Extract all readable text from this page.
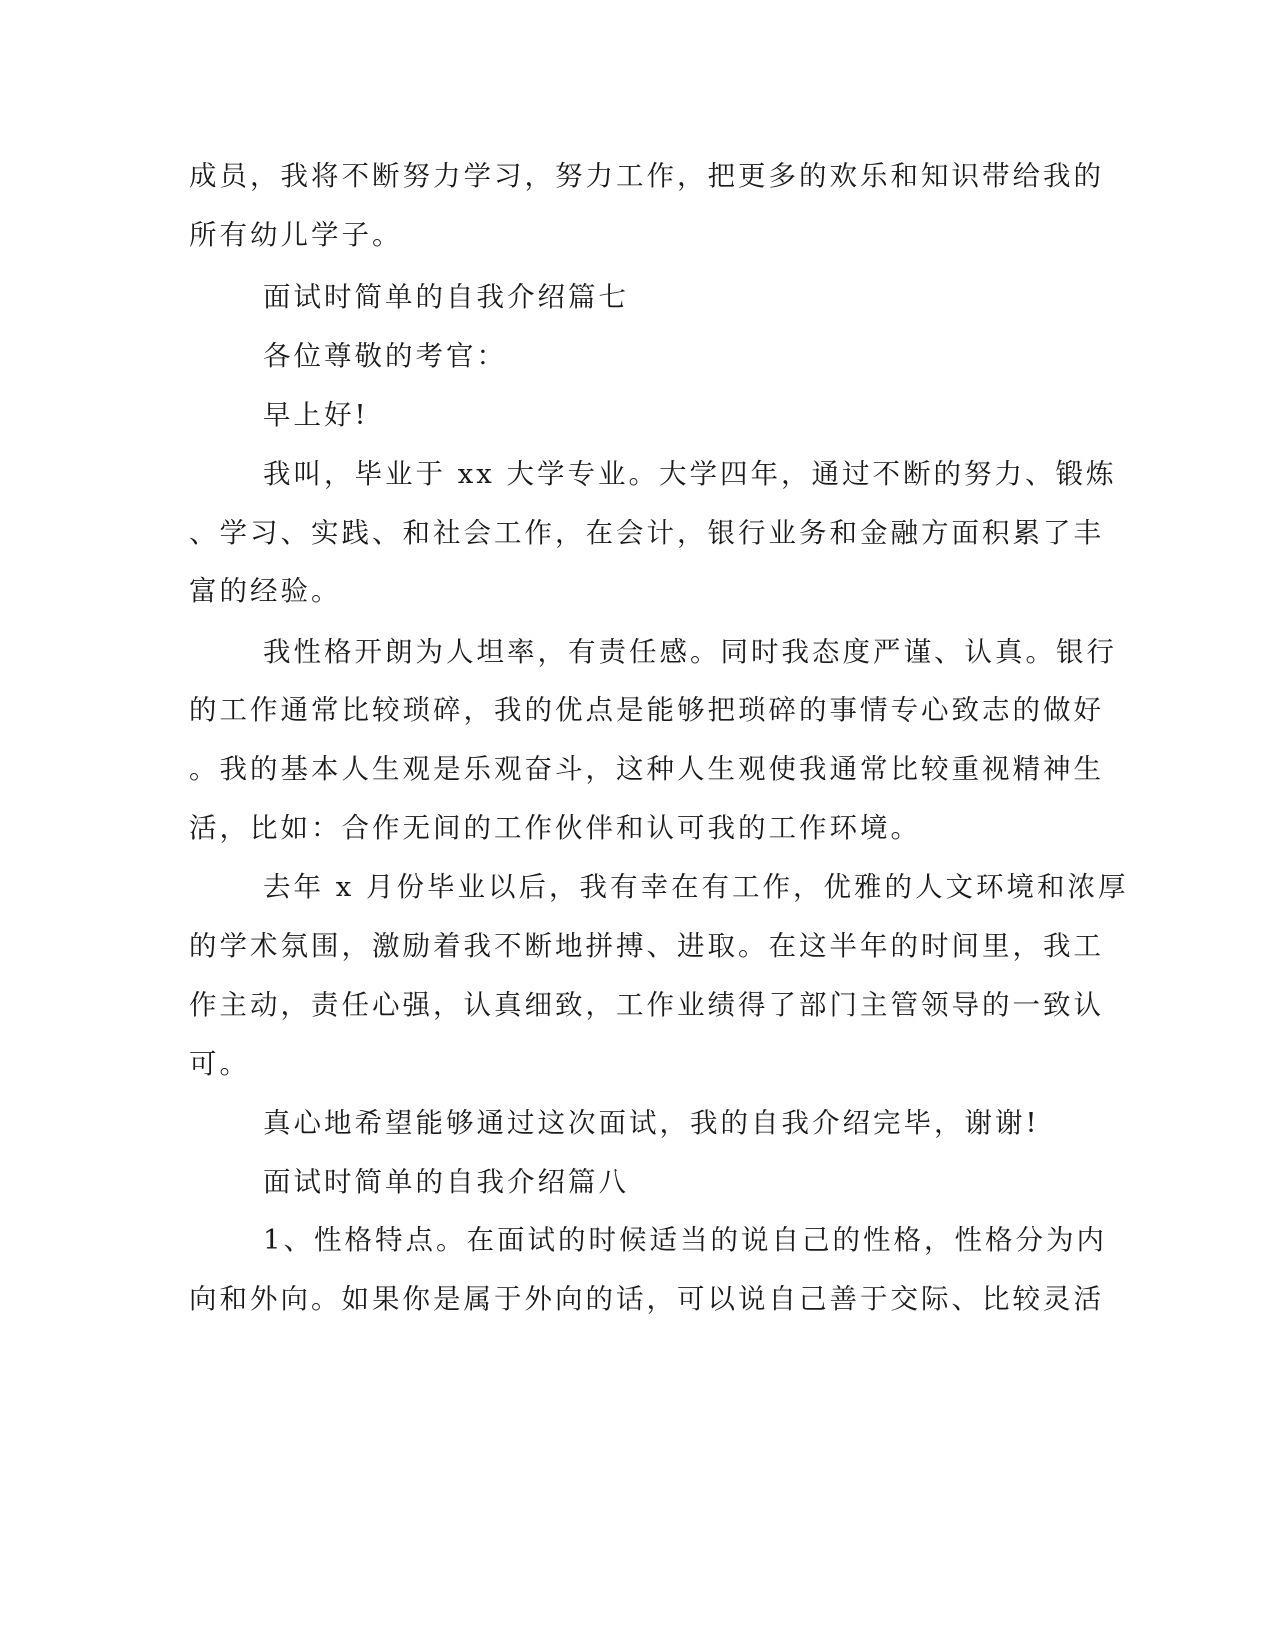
成员，我将不断努力学习，努力工作，把更多的欢乐和知识带给我的
所有幼儿学子。
面试时简单的自我介绍篇七
各位尊敬的考官：
早上好!
我叫，毕业于 xx 大学专业。大学四年，通过不断的努力、锻炼
、学习、实践、和社会工作，在会计，银行业务和金融方面积累了丰
富的经验。
我性格开朗为人坦率，有责任感。同时我态度严谨、认真。银行
的工作通常比较琐碎，我的优点是能够把琐碎的事情专心致志的做好
。我的基本人生观是乐观奋斗，这种人生观使我通常比较重视精神生
活，比如：合作无间的工作伙伴和认可我的工作环境。
去年 x 月份毕业以后，我有幸在有工作，优雅的人文环境和浓厚
的学术氛围，激励着我不断地拼搏、进取。在这半年的时间里，我工
作主动，责任心强，认真细致，工作业绩得了部门主管领导的一致认
可。
真心地希望能够通过这次面试，我的自我介绍完毕，谢谢!
面试时简单的自我介绍篇八
1、性格特点。在面试的时候适当的说自己的性格，性格分为内
向和外向。如果你是属于外向的话，可以说自己善于交际、比较灵活
